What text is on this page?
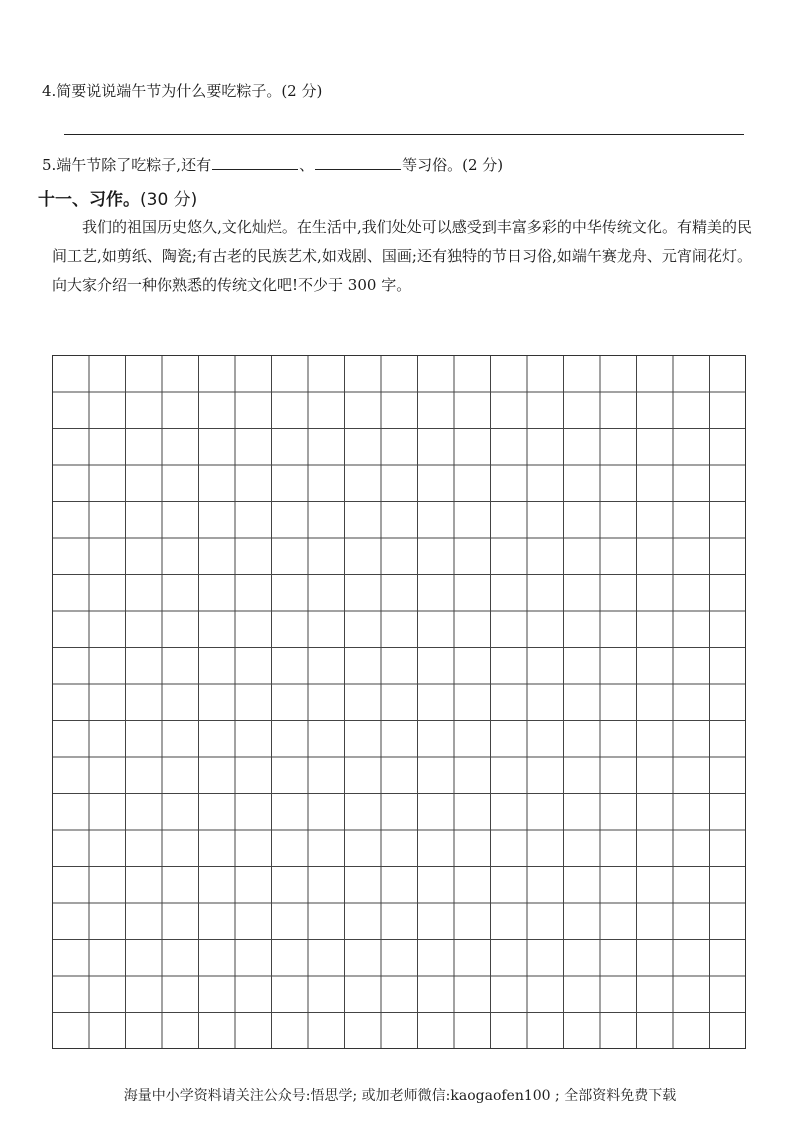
4.简要说说端午节为什么要吃粽子。(2 分)
5.端午节除了吃粽子,还有	、	等习俗。(2 分)
十一、习作。(30 分)

我们的祖国历史悠久,文化灿烂。在生活中,我们处处可以感受到丰富多彩的中华传统文化。有精美的民间工艺,如剪纸、陶瓷;有古老的民族艺术,如戏剧、国画;还有独特的节日习俗,如端午赛龙舟、元宵闹花灯。向大家介绍一种你熟悉的传统文化吧!不少于 300 字。

海量中小学资料请关注公众号:悟思学; 或加老师微信:kaogaofen100 ; 全部资料免费下载
